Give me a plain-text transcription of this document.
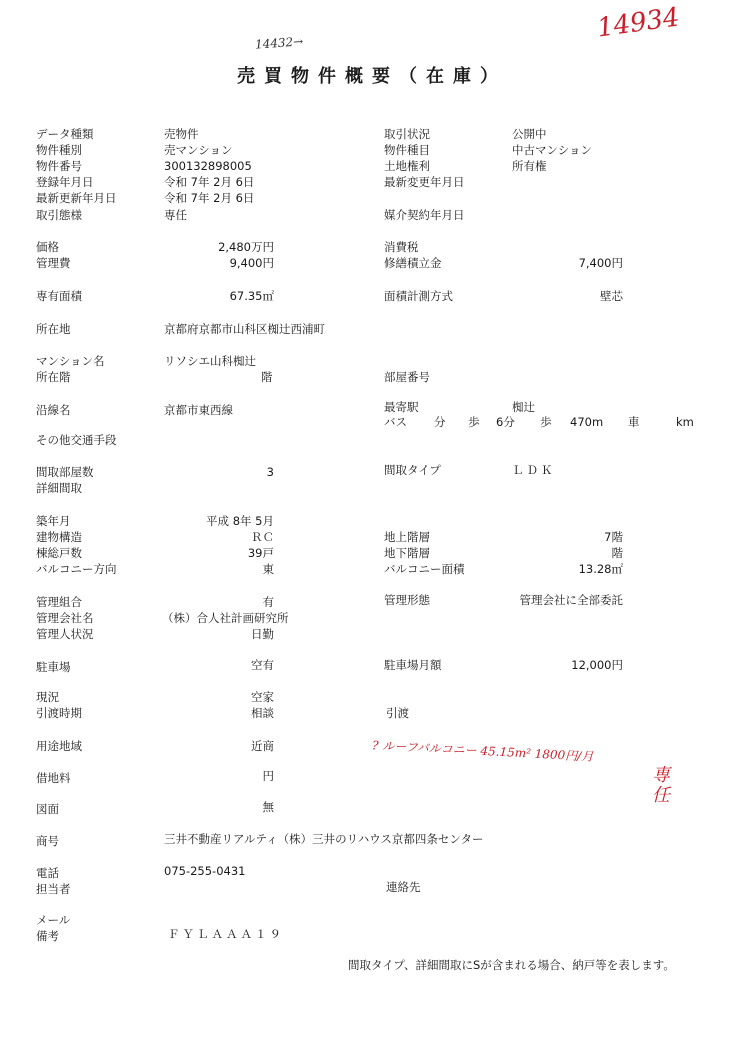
14432→	14934
? ルーフバルコニー 45.15m² 1800円/月
専任
売買物件概要（在庫）
データ種類	売物件	取引状況	公開中
物件種別	売マンション	物件種目	中古マンション
物件番号	300132898005	土地権利	所有権
登録年月日	令和 7年 2月 6日	最新変更年月日
最新更新年月日	令和 7年 2月 6日
取引態様	専任	媒介契約年月日
価格	2,480万円	消費税
管理費	9,400円	修繕積立金	7,400円
専有面積	67.35㎡	面積計測方式	壁芯
所在地	京都府京都市山科区椥辻西浦町
マンション名	リソシエ山科椥辻
所在階	階	部屋番号
沿線名	京都市東西線	最寄駅	椥辻
バス 分 歩 6分 歩 470m 車	km
その他交通手段
間取部屋数	3	間取タイプ	ＬＤＫ
詳細間取
築年月	平成 8年 5月
建物構造	ＲＣ	地上階層	7階
棟総戸数	39戸	地下階層	階
バルコニー方向	東	バルコニー面積	13.28㎡
管理組合	有	管理形態	管理会社に全部委託
管理会社名	（株）合人社計画研究所
管理人状況	日勤
駐車場	空有	駐車場月額	12,000円
現況	空家
引渡時期	相談	引渡
用途地域	近商
借地料	円
図面	無
商号	三井不動産リアルティ（株）三井のリハウス京都四条センター
電話	075-255-0431
担当者	連絡先
メール
備考	ＦＹＬＡＡＡ１９
間取タイプ、詳細間取にSが含まれる場合、納戸等を表します。
